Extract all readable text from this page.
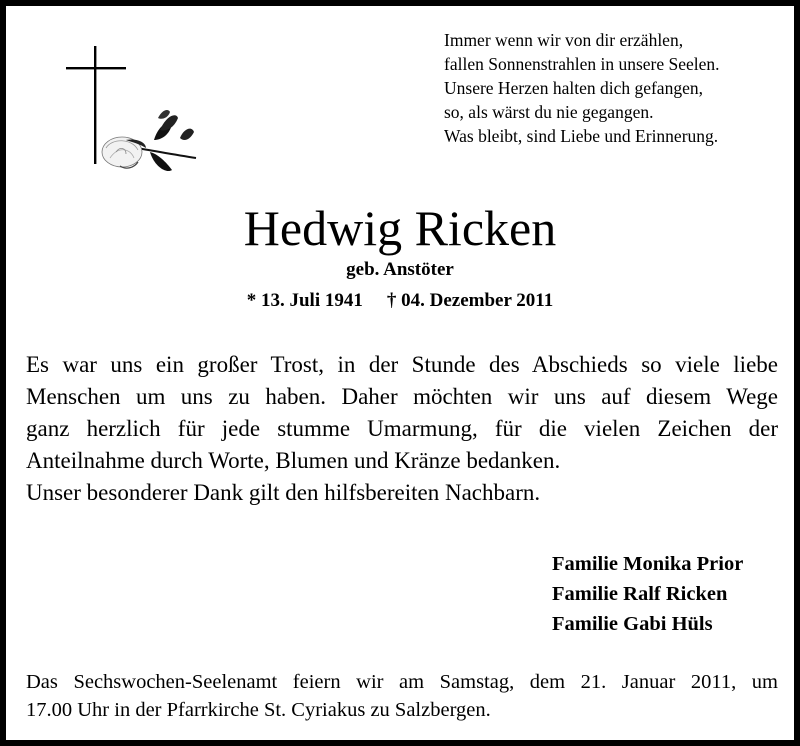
Immer wenn wir von dir erzählen,
fallen Sonnenstrahlen in unsere Seelen.
Unsere Herzen halten dich gefangen,
so, als wärst du nie gegangen.
Was bleibt, sind Liebe und Erinnerung.
Hedwig Ricken
geb. Anstöter
* 13. Juli 1941 † 04. Dezember 2011
Es war uns ein großer Trost, in der Stunde des Abschieds so viele liebe
Menschen um uns zu haben. Daher möchten wir uns auf diesem Wege
ganz herzlich für jede stumme Umarmung, für die vielen Zeichen der
Anteilnahme durch Worte, Blumen und Kränze bedanken.
Unser besonderer Dank gilt den hilfsbereiten Nachbarn.
Familie Monika Prior
Familie Ralf Ricken
Familie Gabi Hüls
Das Sechswochen-Seelenamt feiern wir am Samstag, dem 21. Januar 2011, um
17.00 Uhr in der Pfarrkirche St. Cyriakus zu Salzbergen.
